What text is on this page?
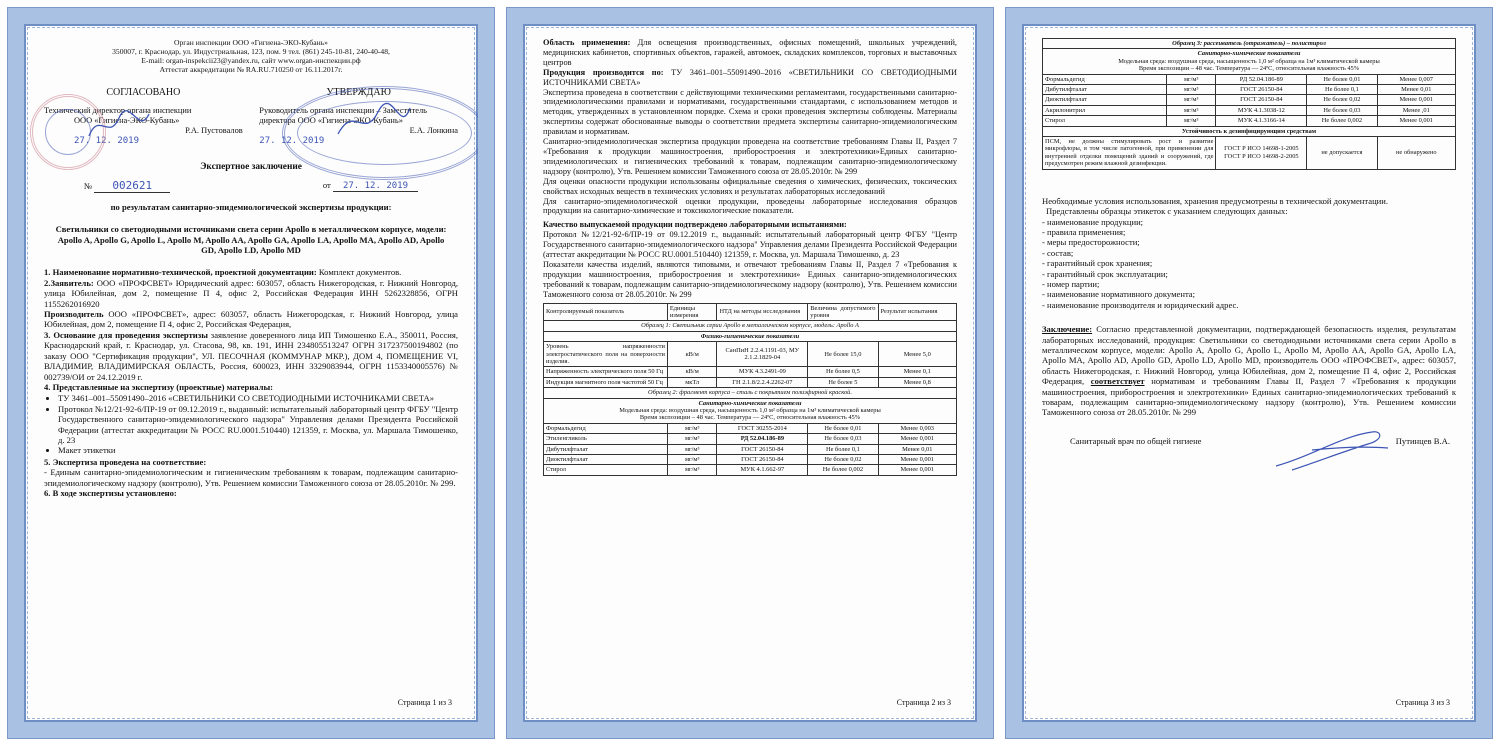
Орган инспекции ООО «Гигиена-ЭКО-Кубань»
350007, г. Краснодар, ул. Индустриальная, 123, пом. 9 тел. (861) 245-10-81, 240-40-48,
E-mail: organ-inspekcii23@yandex.ru, сайт www.organ-инспекции.рф
Аттестат аккредитации № RA.RU.710250 от 16.11.2017г.
СОГЛАСОВАНО
Технический директор органа инспекции
ООО «Гигиена-ЭКО-Кубань»
Р.А. Пустовалов
27. 12. 2019
УТВЕРЖДАЮ
Руководитель органа инспекции – Заместитель
директора ООО «Гигиена-ЭКО-Кубань»
Е.А. Лонкина
27. 12. 2019
Экспертное заключение
№ 002621	от 27. 12. 2019
по результатам санитарно-эпидемиологической экспертизы продукции:
Светильники со светодиодными источниками света серии Apollo в металлическом корпусе, модели: Apollo A, Apollo G, Apollo L, Apollo M, Apollo AA, Apollo GA, Apollo LA, Apollo MA, Apollo AD, Apollo GD, Apollo LD, Apollo MD

1. Наименование нормативно-технической, проектной документации: Комплект документов.

2.Заявитель: ООО «ПРОФСВЕТ» Юридический адрес: 603057, область Нижегородская, г. Нижний Новгород, улица Юбилейная, дом 2, помещение П 4, офис 2, Российская Федерация ИНН 5262328856, ОГРН 1155262016920

Производитель ООО «ПРОФСВЕТ», адрес: 603057, область Нижегородская, г. Нижний Новгород, улица Юбилейная, дом 2, помещение П 4, офис 2, Российская Федерация,

3. Основание для проведения экспертизы заявление доверенного лица ИП Тимошенко Е.А., 350011, Россия, Краснодарский край, г. Краснодар, ул. Стасова, 98, кв. 191, ИНН 234805513247 ОГРН 317237500194802 (по заказу ООО "Сертификация продукции", УЛ. ПЕСОЧНАЯ (КОММУНАР МКР.), ДОМ 4, ПОМЕЩЕНИЕ VI, ВЛАДИМИР, ВЛАДИМИРСКАЯ ОБЛАСТЬ, Россия, 600023, ИНН 3329083944, ОГРН 1153340005576) № 002739/ОИ от 24.12.2019 г.

4. Представленные на экспертизу (проектные) материалы:

• ТУ 3461–001–55091490–2016 «СВЕТИЛЬНИКИ СО СВЕТОДИОДНЫМИ ИСТОЧНИКАМИ СВЕТА»
• Протокол №12/21-92-6/ПР-19 от 09.12.2019 г., выданный: испытательный лабораторный центр ФГБУ "Центр Государственного санитарно-эпидемиологического надзора" Управления делами Президента Российской Федерации (аттестат аккредитации № РОСС RU.0001.510440) 121359, г. Москва, ул. Маршала Тимошенко, д. 23
• Макет этикетки

5. Экспертиза проведена на соответствие:

- Единым санитарно-эпидемиологическим и гигиеническим требованиям к товарам, подлежащим санитарно-эпидемиологическому надзору (контролю), Утв. Решением комиссии Таможенного союза от 28.05.2010г. № 299.

6. В ходе экспертизы установлено:

Страница 1 из 3

Область применения: Для освещения производственных, офисных помещений, школьных учреждений, медицинских кабинетов, спортивных объектов, гаражей, автомоек, складских комплексов, торговых и выставочных центров

Продукция производится по: ТУ 3461–001–55091490–2016 «СВЕТИЛЬНИКИ СО СВЕТОДИОДНЫМИ ИСТОЧНИКАМИ СВЕТА»

Экспертиза проведена в соответствии с действующими техническими регламентами, государственными санитарно-эпидемиологическими правилами и нормативами, государственными стандартами, с использованием методов и методик, утвержденных в установленном порядке. Схема и сроки проведения экспертизы соблюдены. Материалы экспертизы содержат обоснованные выводы о соответствии предмета экспертизы санитарно-эпидемиологическим правилам и нормативам.

Санитарно-эпидемиологическая экспертиза продукции проведена на соответствие требованиям Главы II, Раздел 7 «Требования к продукции машиностроения, приборостроения и электротехники»Единых санитарно-эпидемиологических и гигиенических требований к товарам, подлежащим санитарно-эпидемиологическому надзору (контролю), Утв. Решением комиссии Таможенного союза от 28.05.2010г. № 299

Для оценки опасности продукции использованы официальные сведения о химических, физических, токсических свойствах исходных веществ в технических условиях и результатах лабораторных исследований

Для санитарно-эпидемиологической оценки продукции, проведены лабораторные исследования образцов продукции на санитарно-химические и токсикологические показатели.

Качество выпускаемой продукции подтверждено лабораторными испытаниями:

Протокол №12/21-92-6/ПР-19 от 09.12.2019 г., выданный: испытательный лабораторный центр ФГБУ "Центр Государственного санитарно-эпидемиологического надзора" Управления делами Президента Российской Федерации (аттестат аккредитации № РОСС RU.0001.510440) 121359, г. Москва, ул. Маршала Тимошенко, д. 23

Показатели качества изделий, являются типовыми, и отвечают требованиям Главы II, Раздел 7 «Требования к продукции машиностроения, приборостроения и электротехники» Единых санитарно-эпидемиологических требований к товарам, подлежащим санитарно-эпидемиологическому надзору (контролю), Утв. Решением комиссии Таможенного союза от 28.05.2010г. № 299

Контролируемый показатель	Единицы измерения	НТД на методы исследования	Величина допустимого уровня	Результат испытания
Образец 1: Светильник серии Apollo в металлическом корпусе, модель: Apollo A				
Физико-гигиенические показатели				
Уровень напряженности электростатического поля на поверхности изделия.	кВ/м	СанПиН 2.2.4.1191-03, МУ 2.1.2.1829-04	Не более 15,0	Менее 5,0
Напряженность электрического поля 50 Гц	кВ/м	МУК 4.3.2491-09	Не более 0,5	Менее 0,1
Индукция магнитного поля частотой 50 Гц	мкТл	ГН 2.1.8/2.2.4.2262-07	Не более 5	Менее 0,8
Образец 2: фрагмент корпуса – сталь с покрытием полиэфирной краской.				

Санитарно-химические показатели
Модельная среда: воздушная среда, насыщенность 1,0 м² образца на 1м³ климатической камеры
Время экспозиции – 48 час. Температура — 24ºС, относительная влажность 45%				

Формальдегид	мг/м³	ГОСТ 30255-2014	Не более 0,01	Менее 0,003
Этиленгликоль	мг/м³	РД 52.04.186-89	Не более 0,03	Менее 0,001
Дибутилфталат	мг/м³	ГОСТ 26150-84	Не более 0,1	Менее 0,01
Диоктилфталат	мг/м³	ГОСТ 26150-84	Не более 0,02	Менее 0,001
Стирол	мг/м³	МУК 4.1.662-97	Не более 0,002	Менее 0,001
Страница 2 из 3
Образец 3: рассеиватель (отражатель) – полистирол				

Санитарно-химические показатели
Модельная среда: воздушная среда, насыщенность 1,0 м² образца на 1м³ климатической камеры
Время экспозиции – 48 час. Температура — 24ºС, относительная влажность 45%				

Формальдегид	мг/м³	РД 52.04.186-89	Не более 0,01	Менее 0,007
Дибутилфталат	мг/м³	ГОСТ 26150-84	Не более 0,1	Менее 0,01
Диоктилфталат	мг/м³	ГОСТ 26150-84	Не более 0,02	Менее 0,001
Акрилонитрил	мг/м³	МУК 4.1.3038-12	Не более 0,03	Менее ,01
Стирол	мг/м³	МУК 4.1.3166-14	Не более 0,002	Менее 0,001
Устойчивость к дезинфицирующим средствам				
ПСМ, не должны стимулировать рост и развитие микрофлоры, в том числе патогенной, при применении для внутренней отделки помещений зданий и сооружений, где предусмотрен режим влажной дезинфекции.		ГОСТ Р ИСО 14698-1-2005 ГОСТ Р ИСО 14698-2-2005	не допускается	не обнаружено

Необходимые условия использования, хранения предусмотрены в технической документации.

Представлены образцы этикеток с указанием следующих данных:

- наименование продукции;

- правила применения;

- меры предосторожности;

- состав;

- гарантийный срок хранения;

- гарантийный срок эксплуатации;

- номер партии;

- наименование нормативного документа;

- наименование производителя и юридический адрес.

Заключение: Согласно представленной документации, подтверждающей безопасность изделия, результатам лабораторных исследований, продукция: Светильники со светодиодными источниками света серии Apollo в металлическом корпусе, модели: Apollo A, Apollo G, Apollo L, Apollo M, Apollo AA, Apollo GA, Apollo LA, Apollo MA, Apollo AD, Apollo GD, Apollo LD, Apollo MD, производитель ООО «ПРОФСВЕТ», адрес: 603057, область Нижегородская, г. Нижний Новгород, улица Юбилейная, дом 2, помещение П 4, офис 2, Российская Федерация, соответствует нормативам и требованиям Главы II, Раздел 7 «Требования к продукции машиностроения, приборостроения и электротехники» Единых санитарно-эпидемиологических требований к товарам, подлежащим санитарно-эпидемиологическому надзору (контролю), Утв. Решением комиссии Таможенного союза от 28.05.2010г. № 299

Санитарный врач по общей гигиене	Путинцев В.А.
Страница 3 из 3
